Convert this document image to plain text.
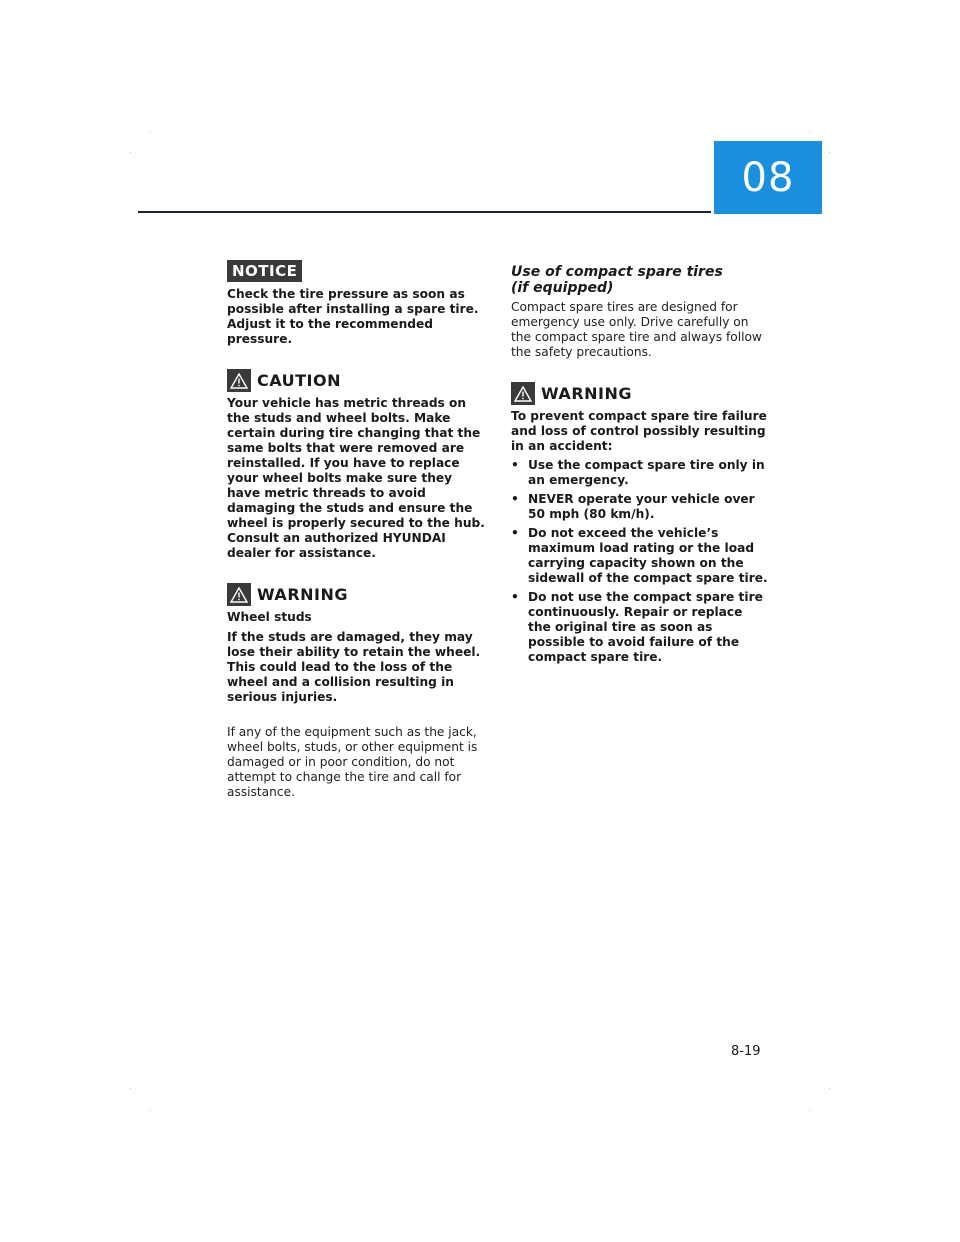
08
NOTICE

Check the tire pressure as soon as possible after installing a spare tire. Adjust it to the recommended pressure.

CAUTION

Your vehicle has metric threads on the studs and wheel bolts. Make certain during tire changing that the same bolts that were removed are reinstalled. If you have to replace your wheel bolts make sure they have metric threads to avoid damaging the studs and ensure the wheel is properly secured to the hub. Consult an authorized HYUNDAI dealer for assistance.

WARNING

Wheel studs

If the studs are damaged, they may lose their ability to retain the wheel. This could lead to the loss of the wheel and a collision resulting in serious injuries.

If any of the equipment such as the jack, wheel bolts, studs, or other equipment is damaged or in poor condition, do not attempt to change the tire and call for assistance.

Use of compact spare tires
(if equipped)

Compact spare tires are designed for emergency use only. Drive carefully on the compact spare tire and always follow the safety precautions.

WARNING

To prevent compact spare tire failure and loss of control possibly resulting in an accident:

• Use the compact spare tire only in an emergency.
• NEVER operate your vehicle over 50 mph (80 km/h).
• Do not exceed the vehicle’s maximum load rating or the load carrying capacity shown on the sidewall of the compact spare tire.
• Do not use the compact spare tire continuously. Repair or replace the original tire as soon as possible to avoid failure of the compact spare tire.
8-19
